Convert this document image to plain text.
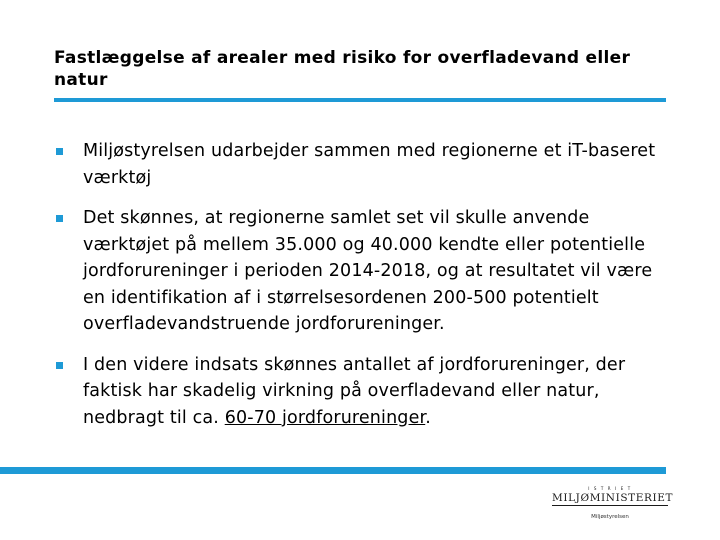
Fastlæggelse af arealer med risiko for overfladevand eller natur
Miljøstyrelsen udarbejder sammen med regionerne et iT-baseret værktøj
Det skønnes, at regionerne samlet set vil skulle anvende værktøjet på mellem 35.000 og 40.000 kendte eller potentielle jordforureninger i perioden 2014-2018, og at resultatet vil være en identifikation af i størrelsesordenen 200-500 potentielt overfladevandstruende jordforureninger.
I den videre indsats skønnes antallet af jordforureninger, der faktisk har skadelig virkning på overfladevand eller natur, nedbragt til ca. 60-70 jordforureninger.
I S T R I E T
MILJØMINISTERIET
Miljøstyrelsen
